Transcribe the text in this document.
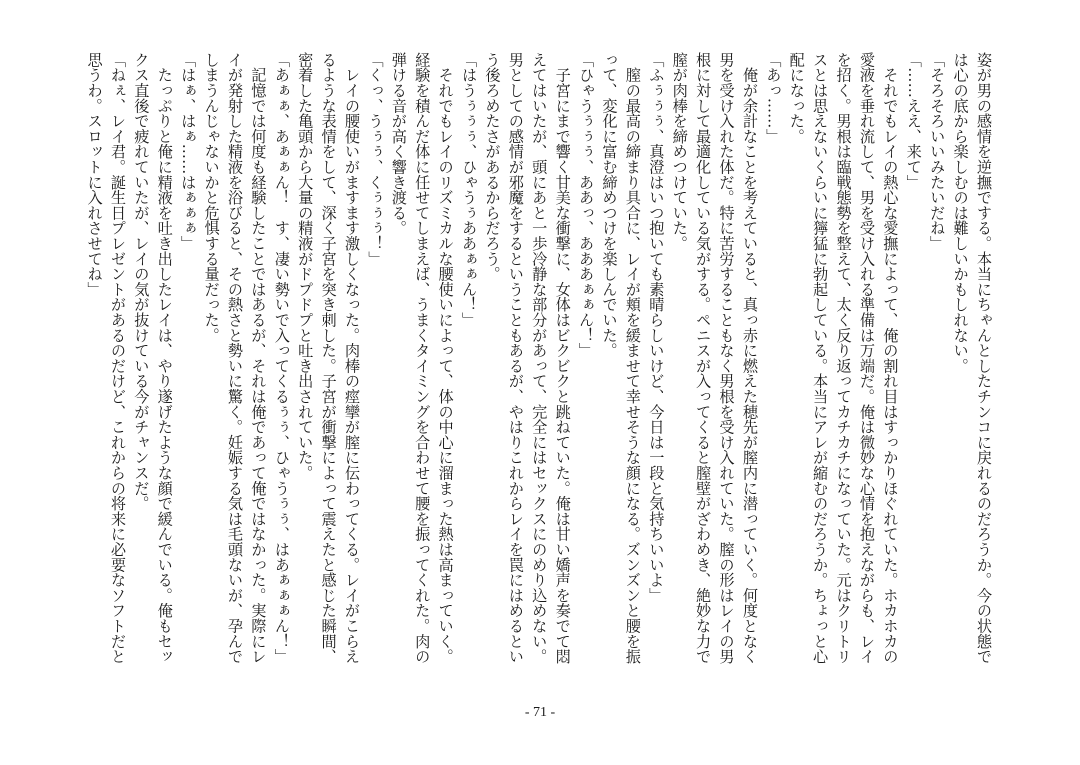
姿が男の感情を逆撫でする。本当にちゃんとしたチンコに戻れるのだろうか。今の状態で
は心の底から楽しむのは難しいかもしれない。
「そろそろいいみたいだね」
「……ええ、来て」
　それでもレイの熱心な愛撫によって、俺の割れ目はすっかりほぐれていた。ホカホカの
愛液を垂れ流して、男を受け入れる準備は万端だ。俺は微妙な心情を抱えながらも、レイ
を招く。男根は臨戦態勢を整えて、太く反り返ってカチカチになっていた。元はクリトリ
スとは思えないくらいに獰猛に勃起している。本当にアレが縮むのだろうか。ちょっと心
配になった。
「あっ……」
　俺が余計なことを考えていると、真っ赤に燃えた穂先が膣内に潜っていく。何度となく
男を受け入れた体だ。特に苦労することもなく男根を受け入れていた。膣の形はレイの男
根に対して最適化している気がする。ペニスが入ってくると膣壁がざわめき、絶妙な力で
膣が肉棒を締めつけていた。
「ふぅぅぅ、真澄はいつ抱いても素晴らしいけど、今日は一段と気持ちいいよ」
　膣の最高の締まり具合に、レイが頬を緩ませて幸せそうな顔になる。ズンズンと腰を振
って、変化に富む締めつけを楽しんでいた。
「ひゃうぅぅぅ、ああっ、あああぁぁん！」
　子宮にまで響く甘美な衝撃に、女体はビクビクと跳ねていた。俺は甘い嬌声を奏でて悶
えてはいたが、頭にあと一歩冷静な部分があって、完全にはセックスにのめり込めない。
男としての感情が邪魔をするということもあるが、やはりこれからレイを罠にはめるとい
う後ろめたさがあるからだろう。
「はうぅぅぅ、ひゃうぅああぁぁん！」
　それでもレイのリズミカルな腰使いによって、体の中心に溜まった熱は高まっていく。
経験を積んだ体に任せてしまえば、うまくタイミングを合わせて腰を振ってくれた。肉の
弾ける音が高く響き渡る。
「くっ、うぅぅ、くぅぅぅ！」
　レイの腰使いがますます激しくなった。肉棒の痙攣が膣に伝わってくる。レイがこらえ
るような表情をして、深く子宮を突き刺した。子宮が衝撃によって震えたと感じた瞬間、
密着した亀頭から大量の精液がドプドプと吐き出されていた。
「あぁぁ、あぁぁん！　す、凄い勢いで入ってくるぅぅ、ひゃうぅぅ、はあぁぁぁん！」
　記憶では何度も経験したことではあるが、それは俺であって俺ではなかった。実際にレ
イが発射した精液を浴びると、その熱さと勢いに驚く。妊娠する気は毛頭ないが、孕んで
しまうんじゃないかと危惧する量だった。
「はぁ、はぁ……はぁぁぁ」
　たっぷりと俺に精液を吐き出したレイは、やり遂げたような顔で緩んでいる。俺もセッ
クス直後で疲れていたが、レイの気が抜けている今がチャンスだ。
「ねぇ、レイ君。誕生日プレゼントがあるのだけど、これからの将来に必要なソフトだと
思うわ。スロットに入れさせてね」
- 71 -
